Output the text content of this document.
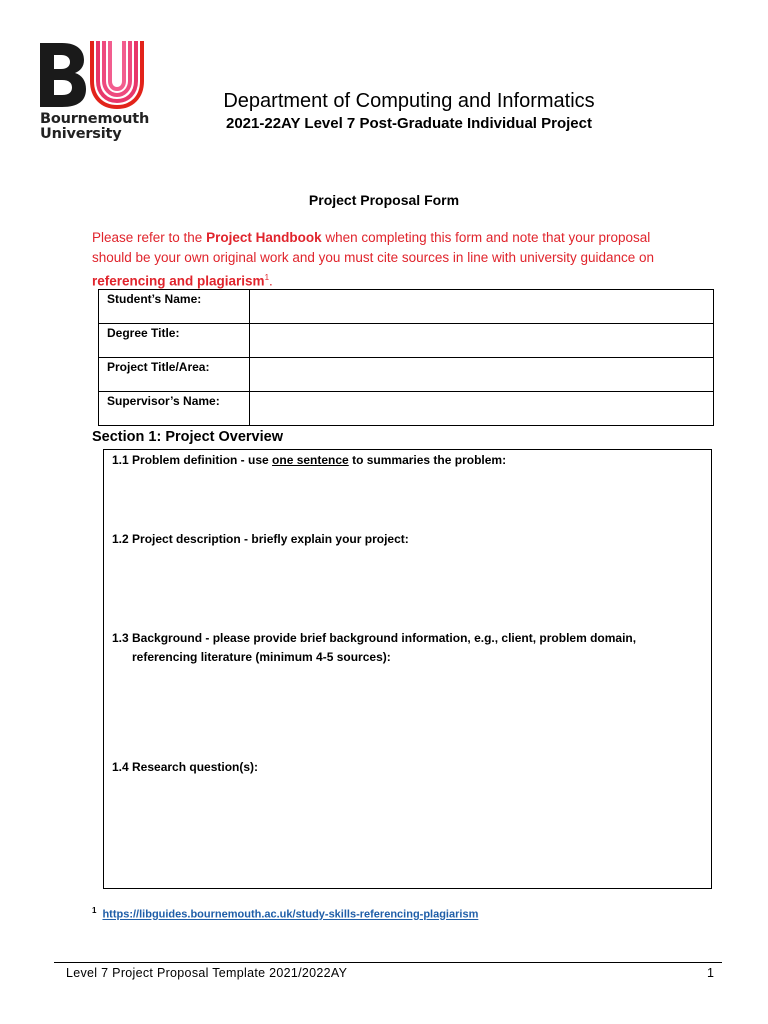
Bournemouth
University
Department of Computing and Informatics
2021-22AY Level 7 Post-Graduate Individual Project
Project Proposal Form
Please refer to the Project Handbook when completing this form and note that your proposal should be your own original work and you must cite sources in line with university guidance on referencing and plagiarism$^1$.
Student’s Name:	
Degree Title:	
Project Title/Area:	
Supervisor’s Name:	
Section 1: Project Overview
1.1 Problem definition - use one sentence to summaries the problem:
1.2 Project description - briefly explain your project:
1.3 Background - please provide brief background information, e.g., client, problem domain,
referencing literature (minimum 4-5 sources):
1.4 Research question(s):
$^1$ https://libguides.bournemouth.ac.uk/study-skills-referencing-plagiarism
Level 7 Project Proposal Template 2021/2022AY	1
